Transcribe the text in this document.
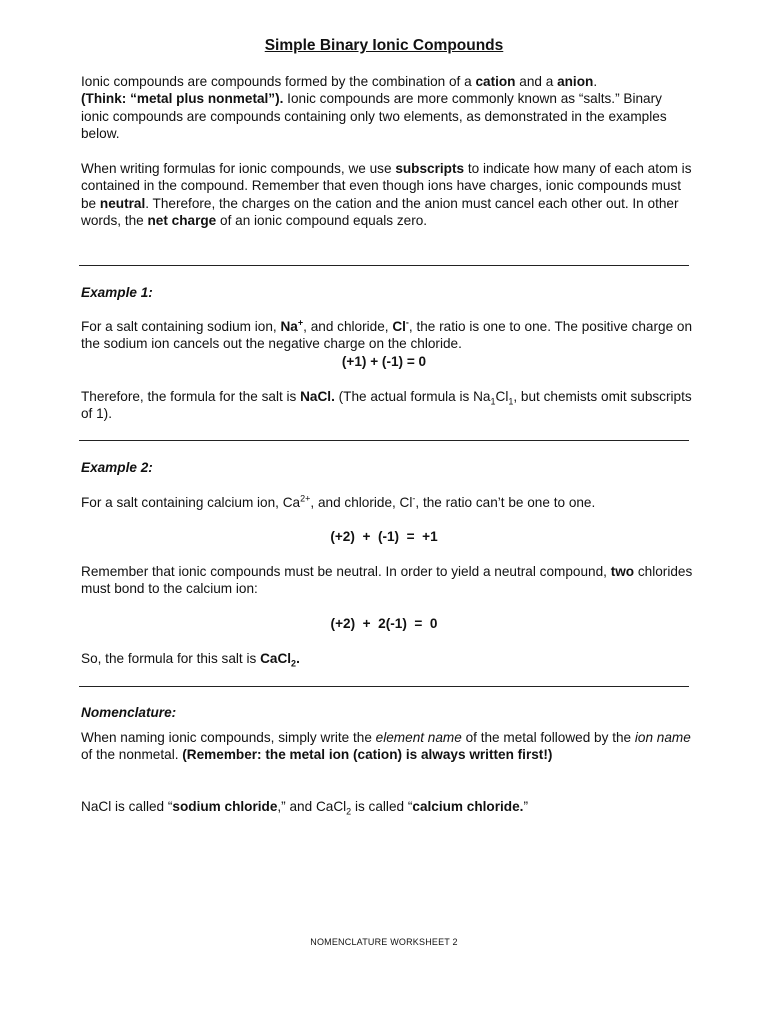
Simple Binary Ionic Compounds

Ionic compounds are compounds formed by the combination of a cation and a anion.
(Think: “metal plus nonmetal”). Ionic compounds are more commonly known as “salts.” Binary ionic compounds are compounds containing only two elements, as demonstrated in the examples below.

When writing formulas for ionic compounds, we use subscripts to indicate how many of each atom is contained in the compound. Remember that even though ions have charges, ionic compounds must be neutral. Therefore, the charges on the cation and the anion must cancel each other out. In other words, the net charge of an ionic compound equals zero.

Example 1:

For a salt containing sodium ion, Na+, and chloride, Cl-, the ratio is one to one. The positive charge on the sodium ion cancels out the negative charge on the chloride.

(+1) + (-1) = 0

Therefore, the formula for the salt is NaCl. (The actual formula is $Na_1Cl_1$, but chemists omit subscripts of 1).

Example 2:

For a salt containing calcium ion, $Ca^{2+}$, and chloride, Cl-, the ratio can’t be one to one.

(+2)  +  (-1)  =  +1

Remember that ionic compounds must be neutral. In order to yield a neutral compound, two chlorides must bond to the calcium ion:

(+2)  +  2(-1)  =  0

So, the formula for this salt is CaCl$_2$.

Nomenclature:

When naming ionic compounds, simply write the element name of the metal followed by the ion name of the nonmetal. (Remember: the metal ion (cation) is always written first!)

NaCl is called “sodium chloride,” and CaCl$_2$ is called “calcium chloride.”

NOMENCLATURE WORKSHEET 2
